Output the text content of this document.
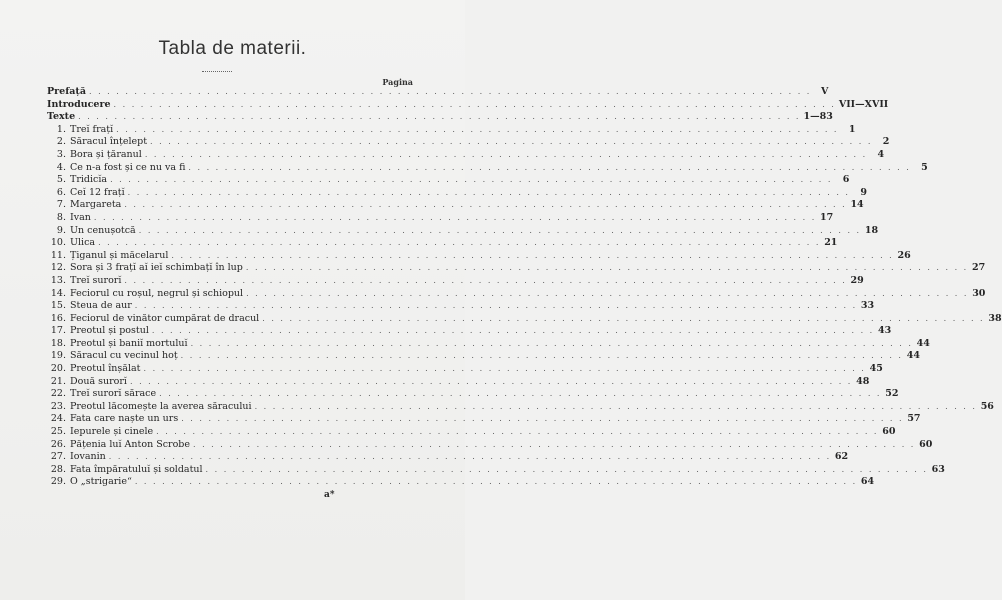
Tabla de materii.
Pagina
Prefață . . . . . . . . . . . . . . . . . . . . . . . . . . . . . . . . . . . . . . . . . . . . . . . . . . . . . . . . . . . . . . . . . . . . . . . . . . . . . . . .	V
Introducere . . . . . . . . . . . . . . . . . . . . . . . . . . . . . . . . . . . . . . . . . . . . . . . . . . . . . . . . . . . . . . . . . . . . . . . . . . . . . . . . VII—XVII
Texte . . . . . . . . . . . . . . . . . . . . . . . . . . . . . . . . . . . . . . . . . . . . . . . . . . . . . . . . . . . . . . . . . . . . . . . . . . . . . . . . 1—83
1. Treĭ frațĭ . . . . . . . . . . . . . . . . . . . . . . . . . . . . . . . . . . . . . . . . . . . . . . . . . . . . . . . . . . . . . . . . . . . . . . . . . . . . . . . .	1
2. Săracul înțelept . . . . . . . . . . . . . . . . . . . . . . . . . . . . . . . . . . . . . . . . . . . . . . . . . . . . . . . . . . . . . . . . . . . . . . . . . . . . . . . .	2
3. Bora și țăranul . . . . . . . . . . . . . . . . . . . . . . . . . . . . . . . . . . . . . . . . . . . . . . . . . . . . . . . . . . . . . . . . . . . . . . . . . . . . . . . .	4
4. Ce n-a fost și ce nu va fi . . . . . . . . . . . . . . . . . . . . . . . . . . . . . . . . . . . . . . . . . . . . . . . . . . . . . . . . . . . . . . . . . . . . . . . . . . . . . . . .	5
5. Tridicĭa . . . . . . . . . . . . . . . . . . . . . . . . . . . . . . . . . . . . . . . . . . . . . . . . . . . . . . . . . . . . . . . . . . . . . . . . . . . . . . . .	6
6. Ceĭ 12 frațĭ . . . . . . . . . . . . . . . . . . . . . . . . . . . . . . . . . . . . . . . . . . . . . . . . . . . . . . . . . . . . . . . . . . . . . . . . . . . . . . . .	9
7. Margareta . . . . . . . . . . . . . . . . . . . . . . . . . . . . . . . . . . . . . . . . . . . . . . . . . . . . . . . . . . . . . . . . . . . . . . . . . . . . . . . . 14
8. Ivan . . . . . . . . . . . . . . . . . . . . . . . . . . . . . . . . . . . . . . . . . . . . . . . . . . . . . . . . . . . . . . . . . . . . . . . . . . . . . . . . 17
9. Un cenușotcă . . . . . . . . . . . . . . . . . . . . . . . . . . . . . . . . . . . . . . . . . . . . . . . . . . . . . . . . . . . . . . . . . . . . . . . . . . . . . . . . 18
10. Ulica . . . . . . . . . . . . . . . . . . . . . . . . . . . . . . . . . . . . . . . . . . . . . . . . . . . . . . . . . . . . . . . . . . . . . . . . . . . . . . . . 21
11. Țiganul și măcelarul . . . . . . . . . . . . . . . . . . . . . . . . . . . . . . . . . . . . . . . . . . . . . . . . . . . . . . . . . . . . . . . . . . . . . . . . . . . . . . . . 26
12. Sora și 3 frațĭ aĭ ieĭ schimbațĭ în lup . . . . . . . . . . . . . . . . . . . . . . . . . . . . . . . . . . . . . . . . . . . . . . . . . . . . . . . . . . . . . . . . . . . . . . . . . . . . . . . . 27
13. Treĭ surorĭ . . . . . . . . . . . . . . . . . . . . . . . . . . . . . . . . . . . . . . . . . . . . . . . . . . . . . . . . . . . . . . . . . . . . . . . . . . . . . . . . 29
14. Feciorul cu roșul, negrul și schiopul . . . . . . . . . . . . . . . . . . . . . . . . . . . . . . . . . . . . . . . . . . . . . . . . . . . . . . . . . . . . . . . . . . . . . . . . . . . . . . . . 30
15. Steua de aur . . . . . . . . . . . . . . . . . . . . . . . . . . . . . . . . . . . . . . . . . . . . . . . . . . . . . . . . . . . . . . . . . . . . . . . . . . . . . . . . 33
16. Feciorul de vinător cumpărat de dracul . . . . . . . . . . . . . . . . . . . . . . . . . . . . . . . . . . . . . . . . . . . . . . . . . . . . . . . . . . . . . . . . . . . . . . . . . . . . . . . . 38
17. Preotul și postul . . . . . . . . . . . . . . . . . . . . . . . . . . . . . . . . . . . . . . . . . . . . . . . . . . . . . . . . . . . . . . . . . . . . . . . . . . . . . . . . 43
18. Preotul și baniĭ mortuluĭ . . . . . . . . . . . . . . . . . . . . . . . . . . . . . . . . . . . . . . . . . . . . . . . . . . . . . . . . . . . . . . . . . . . . . . . . . . . . . . . . 44
19. Săracul cu vecinul hoț . . . . . . . . . . . . . . . . . . . . . . . . . . . . . . . . . . . . . . . . . . . . . . . . . . . . . . . . . . . . . . . . . . . . . . . . . . . . . . . . 44
20. Preotul înșălat . . . . . . . . . . . . . . . . . . . . . . . . . . . . . . . . . . . . . . . . . . . . . . . . . . . . . . . . . . . . . . . . . . . . . . . . . . . . . . . . 45
21. Două surorĭ . . . . . . . . . . . . . . . . . . . . . . . . . . . . . . . . . . . . . . . . . . . . . . . . . . . . . . . . . . . . . . . . . . . . . . . . . . . . . . . . 48
22. Treĭ surorĭ sărace . . . . . . . . . . . . . . . . . . . . . . . . . . . . . . . . . . . . . . . . . . . . . . . . . . . . . . . . . . . . . . . . . . . . . . . . . . . . . . . . 52
23. Preotul lăcomește la averea săracului . . . . . . . . . . . . . . . . . . . . . . . . . . . . . . . . . . . . . . . . . . . . . . . . . . . . . . . . . . . . . . . . . . . . . . . . . . . . . . . . 56
24. Fata care naște un urs . . . . . . . . . . . . . . . . . . . . . . . . . . . . . . . . . . . . . . . . . . . . . . . . . . . . . . . . . . . . . . . . . . . . . . . . . . . . . . . . 57
25. Iepurele și cinele . . . . . . . . . . . . . . . . . . . . . . . . . . . . . . . . . . . . . . . . . . . . . . . . . . . . . . . . . . . . . . . . . . . . . . . . . . . . . . . . 60
26. Pățenia luĭ Anton Scrobe . . . . . . . . . . . . . . . . . . . . . . . . . . . . . . . . . . . . . . . . . . . . . . . . . . . . . . . . . . . . . . . . . . . . . . . . . . . . . . . . 60
27. Iovanin . . . . . . . . . . . . . . . . . . . . . . . . . . . . . . . . . . . . . . . . . . . . . . . . . . . . . . . . . . . . . . . . . . . . . . . . . . . . . . . . 62
28. Fata împăratuluĭ și soldatul . . . . . . . . . . . . . . . . . . . . . . . . . . . . . . . . . . . . . . . . . . . . . . . . . . . . . . . . . . . . . . . . . . . . . . . . . . . . . . . . 63
29. O „strigarie“ . . . . . . . . . . . . . . . . . . . . . . . . . . . . . . . . . . . . . . . . . . . . . . . . . . . . . . . . . . . . . . . . . . . . . . . . . . . . . . . . 64
a*
